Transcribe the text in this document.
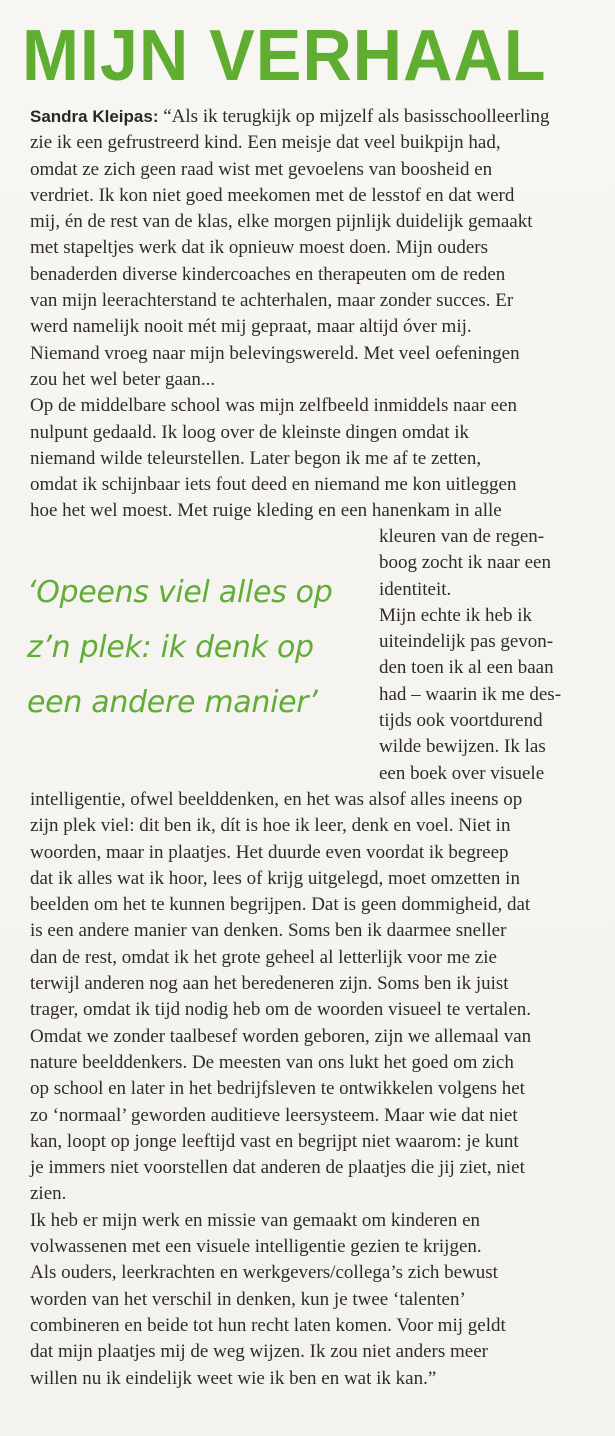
MIJN VERHAAL
Sandra Kleipas: “Als ik terugkijk op mijzelf als basisschoolleerling
zie ik een gefrustreerd kind. Een meisje dat veel buikpijn had,
omdat ze zich geen raad wist met gevoelens van boosheid en
verdriet. Ik kon niet goed meekomen met de lesstof en dat werd
mij, én de rest van de klas, elke morgen pijnlijk duidelijk gemaakt
met stapeltjes werk dat ik opnieuw moest doen. Mijn ouders
benaderden diverse kindercoaches en therapeuten om de reden
van mijn leerachterstand te achterhalen, maar zonder succes. Er
werd namelijk nooit mét mij gepraat, maar altijd óver mij.
Niemand vroeg naar mijn belevingswereld. Met veel oefeningen
zou het wel beter gaan...
Op de middelbare school was mijn zelfbeeld inmiddels naar een
nulpunt gedaald. Ik loog over de kleinste dingen omdat ik
niemand wilde teleurstellen. Later begon ik me af te zetten,
omdat ik schijnbaar iets fout deed en niemand me kon uitleggen
hoe het wel moest. Met ruige kleding en een hanenkam in alle
kleuren van de regen-
boog zocht ik naar een
identiteit.
Mijn echte ik heb ik
uiteindelijk pas gevon-
den toen ik al een baan
had – waarin ik me des-
tijds ook voortdurend
wilde bewijzen. Ik las
een boek over visuele
‘Opeens viel alles op
z’n plek: ik denk op
een andere manier’
intelligentie, ofwel beelddenken, en het was alsof alles ineens op
zijn plek viel: dit ben ik, dít is hoe ik leer, denk en voel. Niet in
woorden, maar in plaatjes. Het duurde even voordat ik begreep
dat ik alles wat ik hoor, lees of krijg uitgelegd, moet omzetten in
beelden om het te kunnen begrijpen. Dat is geen dommigheid, dat
is een andere manier van denken. Soms ben ik daarmee sneller
dan de rest, omdat ik het grote geheel al letterlijk voor me zie
terwijl anderen nog aan het beredeneren zijn. Soms ben ik juist
trager, omdat ik tijd nodig heb om de woorden visueel te vertalen.
Omdat we zonder taalbesef worden geboren, zijn we allemaal van
nature beelddenkers. De meesten van ons lukt het goed om zich
op school en later in het bedrijfsleven te ontwikkelen volgens het
zo ‘normaal’ geworden auditieve leersysteem. Maar wie dat niet
kan, loopt op jonge leeftijd vast en begrijpt niet waarom: je kunt
je immers niet voorstellen dat anderen de plaatjes die jij ziet, niet
zien.
Ik heb er mijn werk en missie van gemaakt om kinderen en
volwassenen met een visuele intelligentie gezien te krijgen.
Als ouders, leerkrachten en werkgevers/collega’s zich bewust
worden van het verschil in denken, kun je twee ‘talenten’
combineren en beide tot hun recht laten komen. Voor mij geldt
dat mijn plaatjes mij de weg wijzen. Ik zou niet anders meer
willen nu ik eindelijk weet wie ik ben en wat ik kan.”
